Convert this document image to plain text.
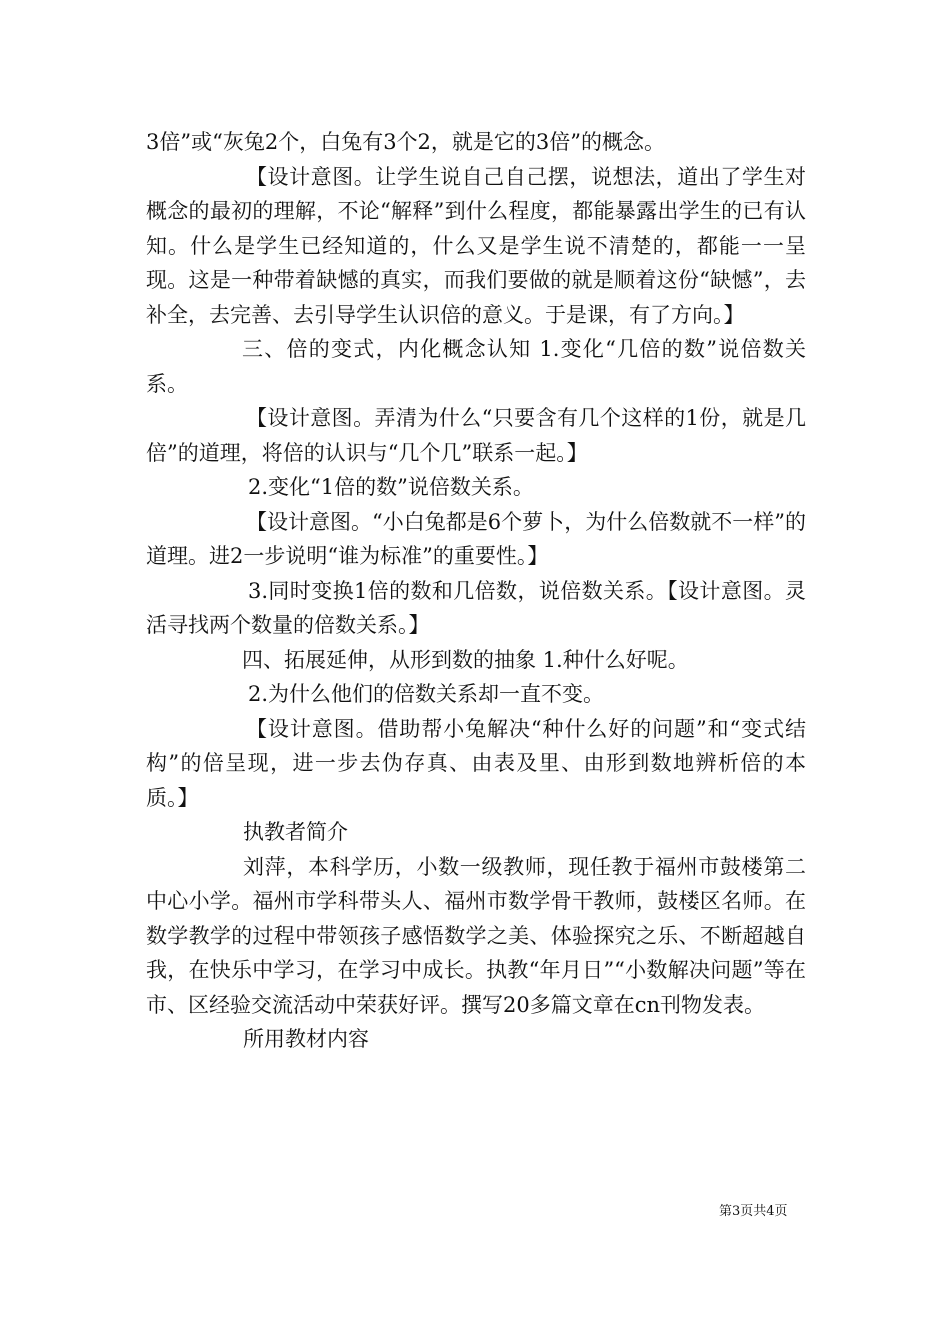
3倍”或“灰兔2个，白兔有3个2，就是它的3倍”的概念。

【设计意图。让学生说自己自己摆，说想法，道出了学生对概念的最初的理解，不论“解释”到什么程度，都能暴露出学生的已有认知。什么是学生已经知道的，什么又是学生说不清楚的，都能一一呈现。这是一种带着缺憾的真实，而我们要做的就是顺着这份“缺憾”，去补全，去完善、去引导学生认识倍的意义。于是课，有了方向。】

三、倍的变式，内化概念认知 1.变化“几倍的数”说倍数关系。

【设计意图。弄清为什么“只要含有几个这样的1份，就是几倍”的道理，将倍的认识与“几个几”联系一起。】

2.变化“1倍的数”说倍数关系。

【设计意图。“小白兔都是6个萝卜，为什么倍数就不一样”的道理。进2一步说明“谁为标准”的重要性。】

3.同时变换1倍的数和几倍数，说倍数关系。【设计意图。灵活寻找两个数量的倍数关系。】

四、拓展延伸，从形到数的抽象 1.种什么好呢。

2.为什么他们的倍数关系却一直不变。

【设计意图。借助帮小兔解决“种什么好的问题”和“变式结构”的倍呈现，进一步去伪存真、由表及里、由形到数地辨析倍的本质。】

执教者简介

刘萍，本科学历，小数一级教师，现任教于福州市鼓楼第二中心小学。福州市学科带头人、福州市数学骨干教师，鼓楼区名师。在数学教学的过程中带领孩子感悟数学之美、体验探究之乐、不断超越自我，在快乐中学习，在学习中成长。执教“年月日”“小数解决问题”等在市、区经验交流活动中荣获好评。撰写20多篇文章在cn刊物发表。

所用教材内容

第3页共4页
